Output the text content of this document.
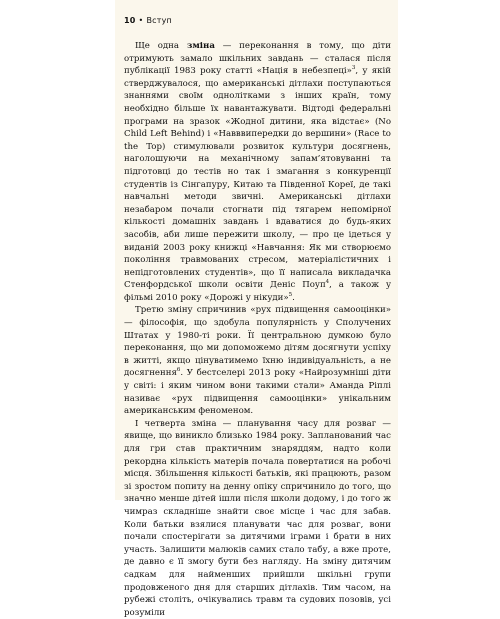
10 • Вступ

Ще одна зміна — переконання в тому, що діти отримують замало шкільних завдань — сталася після публікації 1983 року статті «Нація в небезпеці»$^3$, у якій стверджувалося, що американські дітлахи поступаються знаннями своїм однолітками з інших країн, тому необхідно більше їх навантажувати. Відтоді федеральні програми на зразок «Жодної дитини, яка відстає» (No Child Left Behind) і «Навввипередки до вершини» (Race to the Top) стимулювали розвиток культури досягнень, наголошуючи на механічному запам’ятовуванні та підготовці до тестів но так і змагання з конкуренції студентів із Сінгапуру, Китаю та Південної Кореї, де такі навчальні методи звичні. Американські дітлахи незабаром почали стогнати під тягарем непомірної кількості домашніх завдань і вдаватися до будь-яких засобів, аби лише пережити школу, — про це ідеться у виданій 2003 року книжці «Навчання: Як ми створюємо покоління травмованих стресом, матеріалістичних і непідготовлених студентів», що її написала викладачка Стенфордської школи освіти Деніс Поуп$^4$, а також у фільмі 2010 року «Дорожі у нікуди»$^5$.

Третю зміну спричинив «рух підвищення самооцінки» — філософія, що здобула популярність у Сполучених Штатах у 1980-ті роки. Її центральною думкою було переконання, що ми допоможемо дітям досягнути успіху в житті, якщо цінуватимемо їхню індивідуальність, а не досягнення$^6$. У бестселері 2013 року «Найрозумніші діти у світі: і яким чином вони такими стали» Аманда Ріплі називає «рух підвищення самооцінки» унікальним американським феноменом.

І четверта зміна — планування часу для розваг — явище, що виникло близько 1984 року. Запланований час для гри став практичним знаряддям, надто коли рекордна кількість матерів почала повертатися на робочі місця. Збільшення кількості батьків, які працюють, разом зі зростом попиту на денну опіку спричинило до того, що значно менше дітей ішли після школи додому, і до того ж чимраз складніше знайти своє місце і час для забав. Коли батьки взялися планувати час для розваг, вони почали спостерігати за дитячими іграми і брати в них участь. Залишити малюків самих стало табу, а вже проте, де давно є її змогу бути без нагляду. На зміну дитячим садкам для найменших прийшли шкільні групи продовженого дня для старших дітлахів. Тим часом, на рубежі століть, очікувались травм та судових позовів, усі розуміли
